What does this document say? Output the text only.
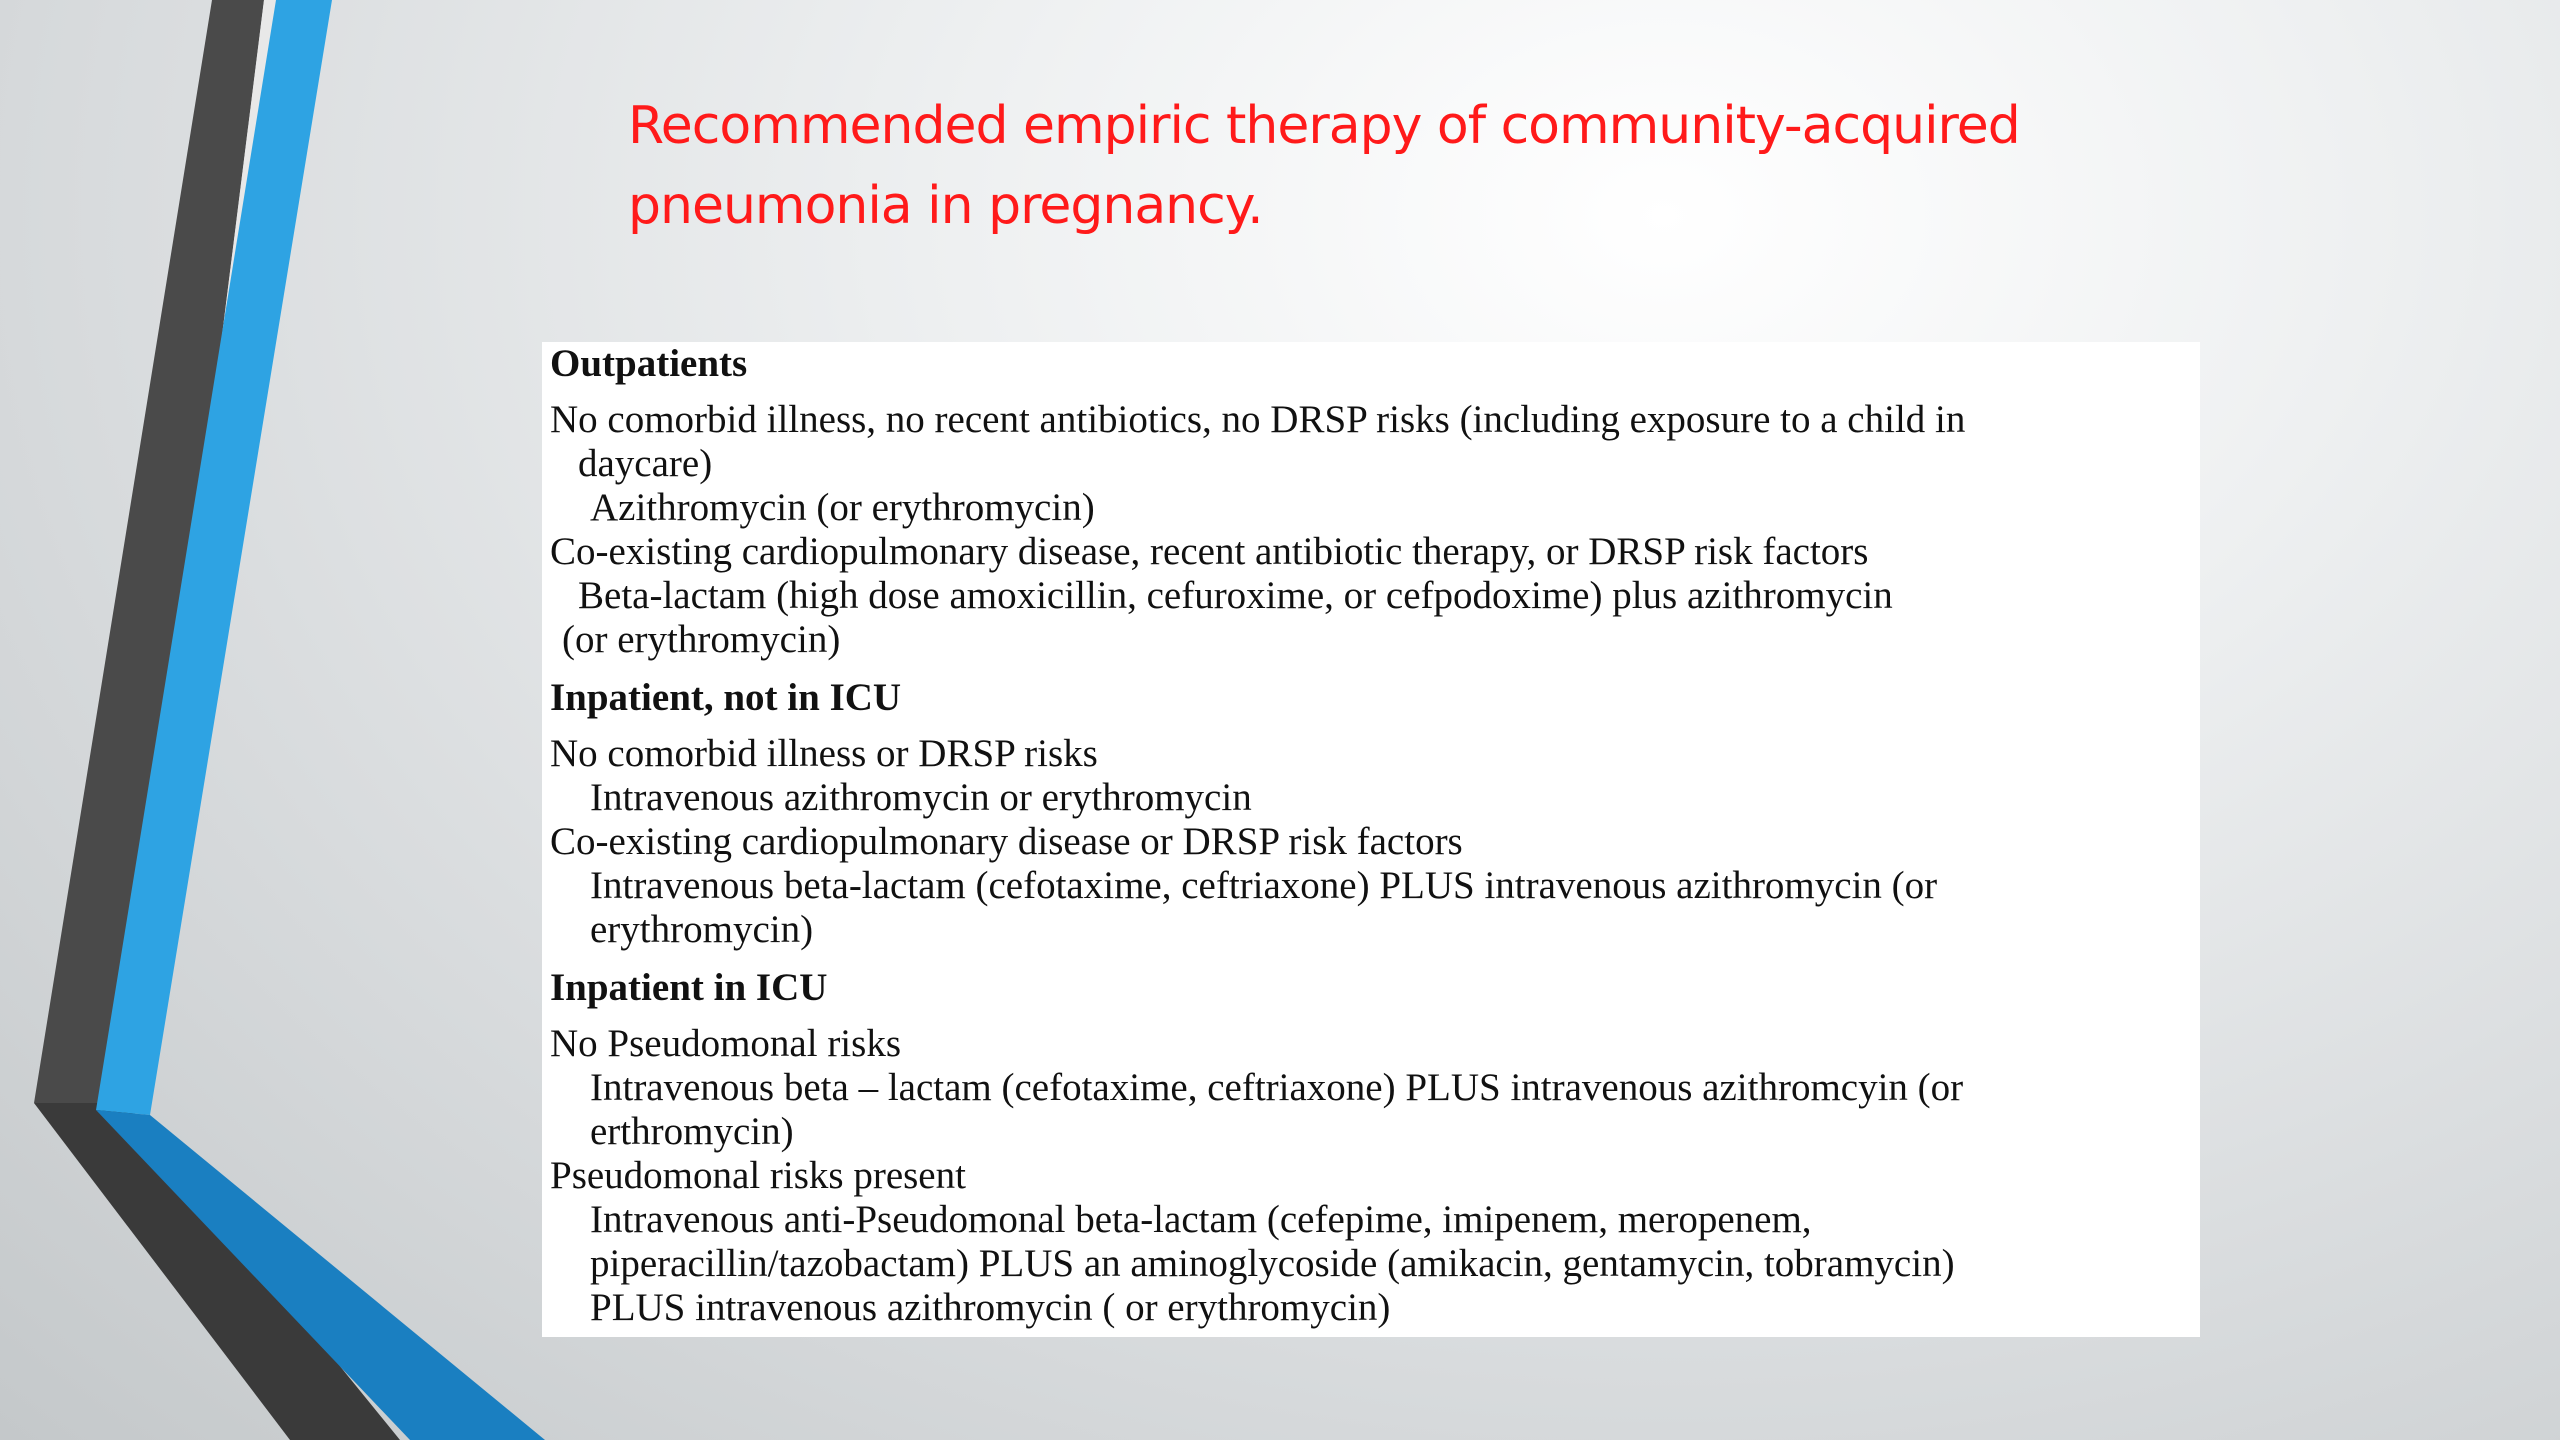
Recommended empiric therapy of community-acquired
pneumonia in pregnancy.
Outpatients
No comorbid illness, no recent antibiotics, no DRSP risks (including exposure to a child in
daycare)
Azithromycin (or erythromycin)
Co-existing cardiopulmonary disease, recent antibiotic therapy, or DRSP risk factors
Beta-lactam (high dose amoxicillin, cefuroxime, or cefpodoxime) plus azithromycin
(or erythromycin)
Inpatient, not in ICU
No comorbid illness or DRSP risks
Intravenous azithromycin or erythromycin
Co-existing cardiopulmonary disease or DRSP risk factors
Intravenous beta-lactam (cefotaxime, ceftriaxone) PLUS intravenous azithromycin (or
erythromycin)
Inpatient in ICU
No Pseudomonal risks
Intravenous beta – lactam (cefotaxime, ceftriaxone) PLUS intravenous azithromcyin (or
erthromycin)
Pseudomonal risks present
Intravenous anti-Pseudomonal beta-lactam (cefepime, imipenem, meropenem,
piperacillin/tazobactam) PLUS an aminoglycoside (amikacin, gentamycin, tobramycin)
PLUS intravenous azithromycin ( or erythromycin)
